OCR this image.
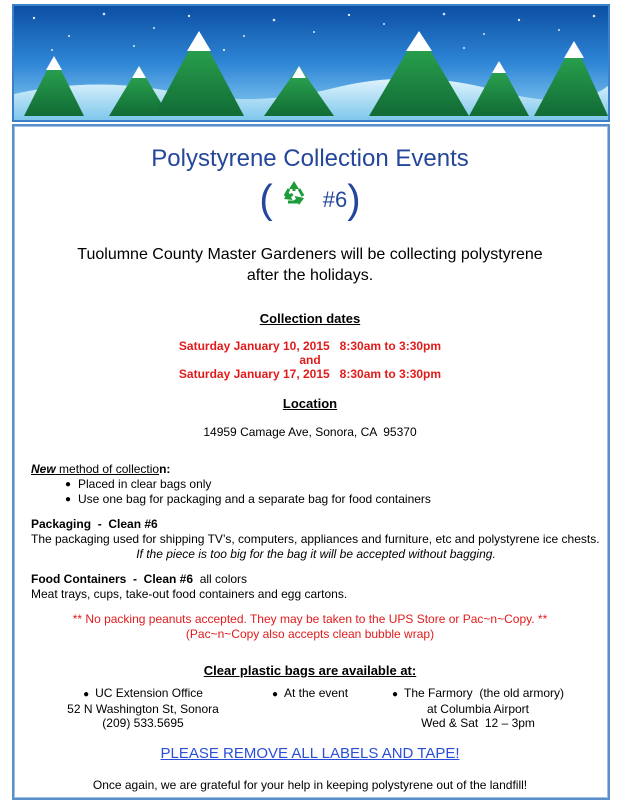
Polystyrene Collection Events
( #6)
Tuolumne County Master Gardeners will be collecting polystyrene
after the holidays.
Collection dates
Saturday January 10, 2015   8:30am to 3:30pm
and
Saturday January 17, 2015   8:30am to 3:30pm
Location
14959 Camage Ave, Sonora, CA  95370
New method of collection:
● Placed in clear bags only
● Use one bag for packaging and a separate bag for food containers
Packaging  -  Clean #6
The packaging used for shipping TV’s, computers, appliances and furniture, etc and polystyrene ice chests.
If the piece is too big for the bag it will be accepted without bagging.
Food Containers  -  Clean #6  all colors
Meat trays, cups, take-out food containers and egg cartons.
** No packing peanuts accepted. They may be taken to the UPS Store or Pac~n~Copy. **
(Pac~n~Copy also accepts clean bubble wrap)
Clear plastic bags are available at:
● UC Extension Office
52 N Washington St, Sonora
(209) 533.5695
● At the event	● The Farmory  (the old armory)
at Columbia Airport
Wed & Sat  12 – 3pm
PLEASE REMOVE ALL LABELS AND TAPE!
Once again, we are grateful for your help in keeping polystyrene out of the landfill!
